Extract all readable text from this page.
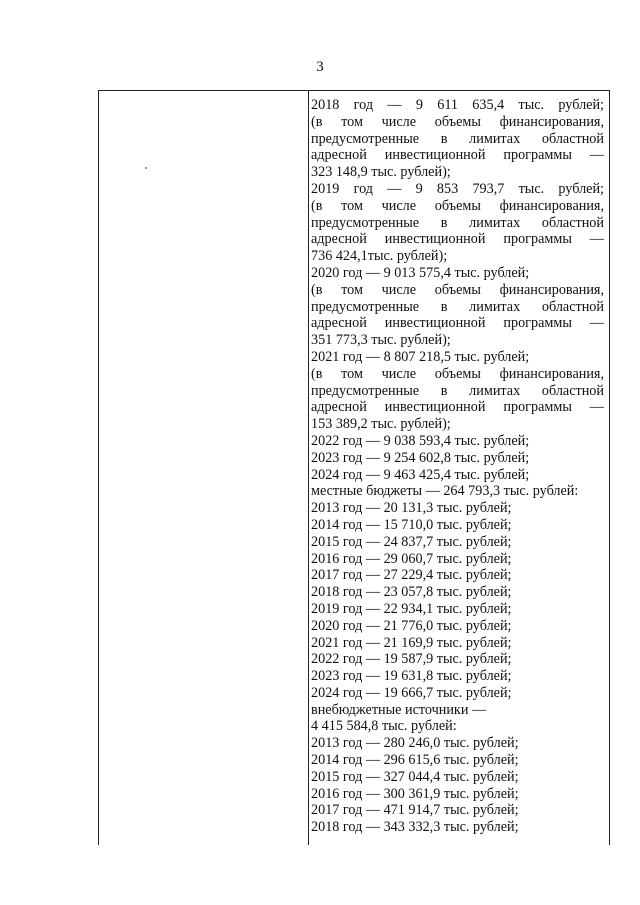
3
2018 год — 9 611 635,4 тыс. рублей;
(в том числе объемы финансирования,
предусмотренные в лимитах областной
адресной инвестиционной программы —
323 148,9 тыс. рублей);
2019 год — 9 853 793,7 тыс. рублей;
(в том числе объемы финансирования,
предусмотренные в лимитах областной
адресной инвестиционной программы —
736 424,1тыс. рублей);
2020 год — 9 013 575,4 тыс. рублей;
(в том числе объемы финансирования,
предусмотренные в лимитах областной
адресной инвестиционной программы —
351 773,3 тыс. рублей);
2021 год — 8 807 218,5 тыс. рублей;
(в том числе объемы финансирования,
предусмотренные в лимитах областной
адресной инвестиционной программы —
153 389,2 тыс. рублей);
2022 год — 9 038 593,4 тыс. рублей;
2023 год — 9 254 602,8 тыс. рублей;
2024 год — 9 463 425,4 тыс. рублей;
местные бюджеты — 264 793,3 тыс. рублей:
2013 год — 20 131,3 тыс. рублей;
2014 год — 15 710,0 тыс. рублей;
2015 год — 24 837,7 тыс. рублей;
2016 год — 29 060,7 тыс. рублей;
2017 год — 27 229,4 тыс. рублей;
2018 год — 23 057,8 тыс. рублей;
2019 год — 22 934,1 тыс. рублей;
2020 год — 21 776,0 тыс. рублей;
2021 год — 21 169,9 тыс. рублей;
2022 год — 19 587,9 тыс. рублей;
2023 год — 19 631,8 тыс. рублей;
2024 год — 19 666,7 тыс. рублей;
внебюджетные источники —
4 415 584,8 тыс. рублей:
2013 год — 280 246,0 тыс. рублей;
2014 год — 296 615,6 тыс. рублей;
2015 год — 327 044,4 тыс. рублей;
2016 год — 300 361,9 тыс. рублей;
2017 год — 471 914,7 тыс. рублей;
2018 год — 343 332,3 тыс. рублей;
